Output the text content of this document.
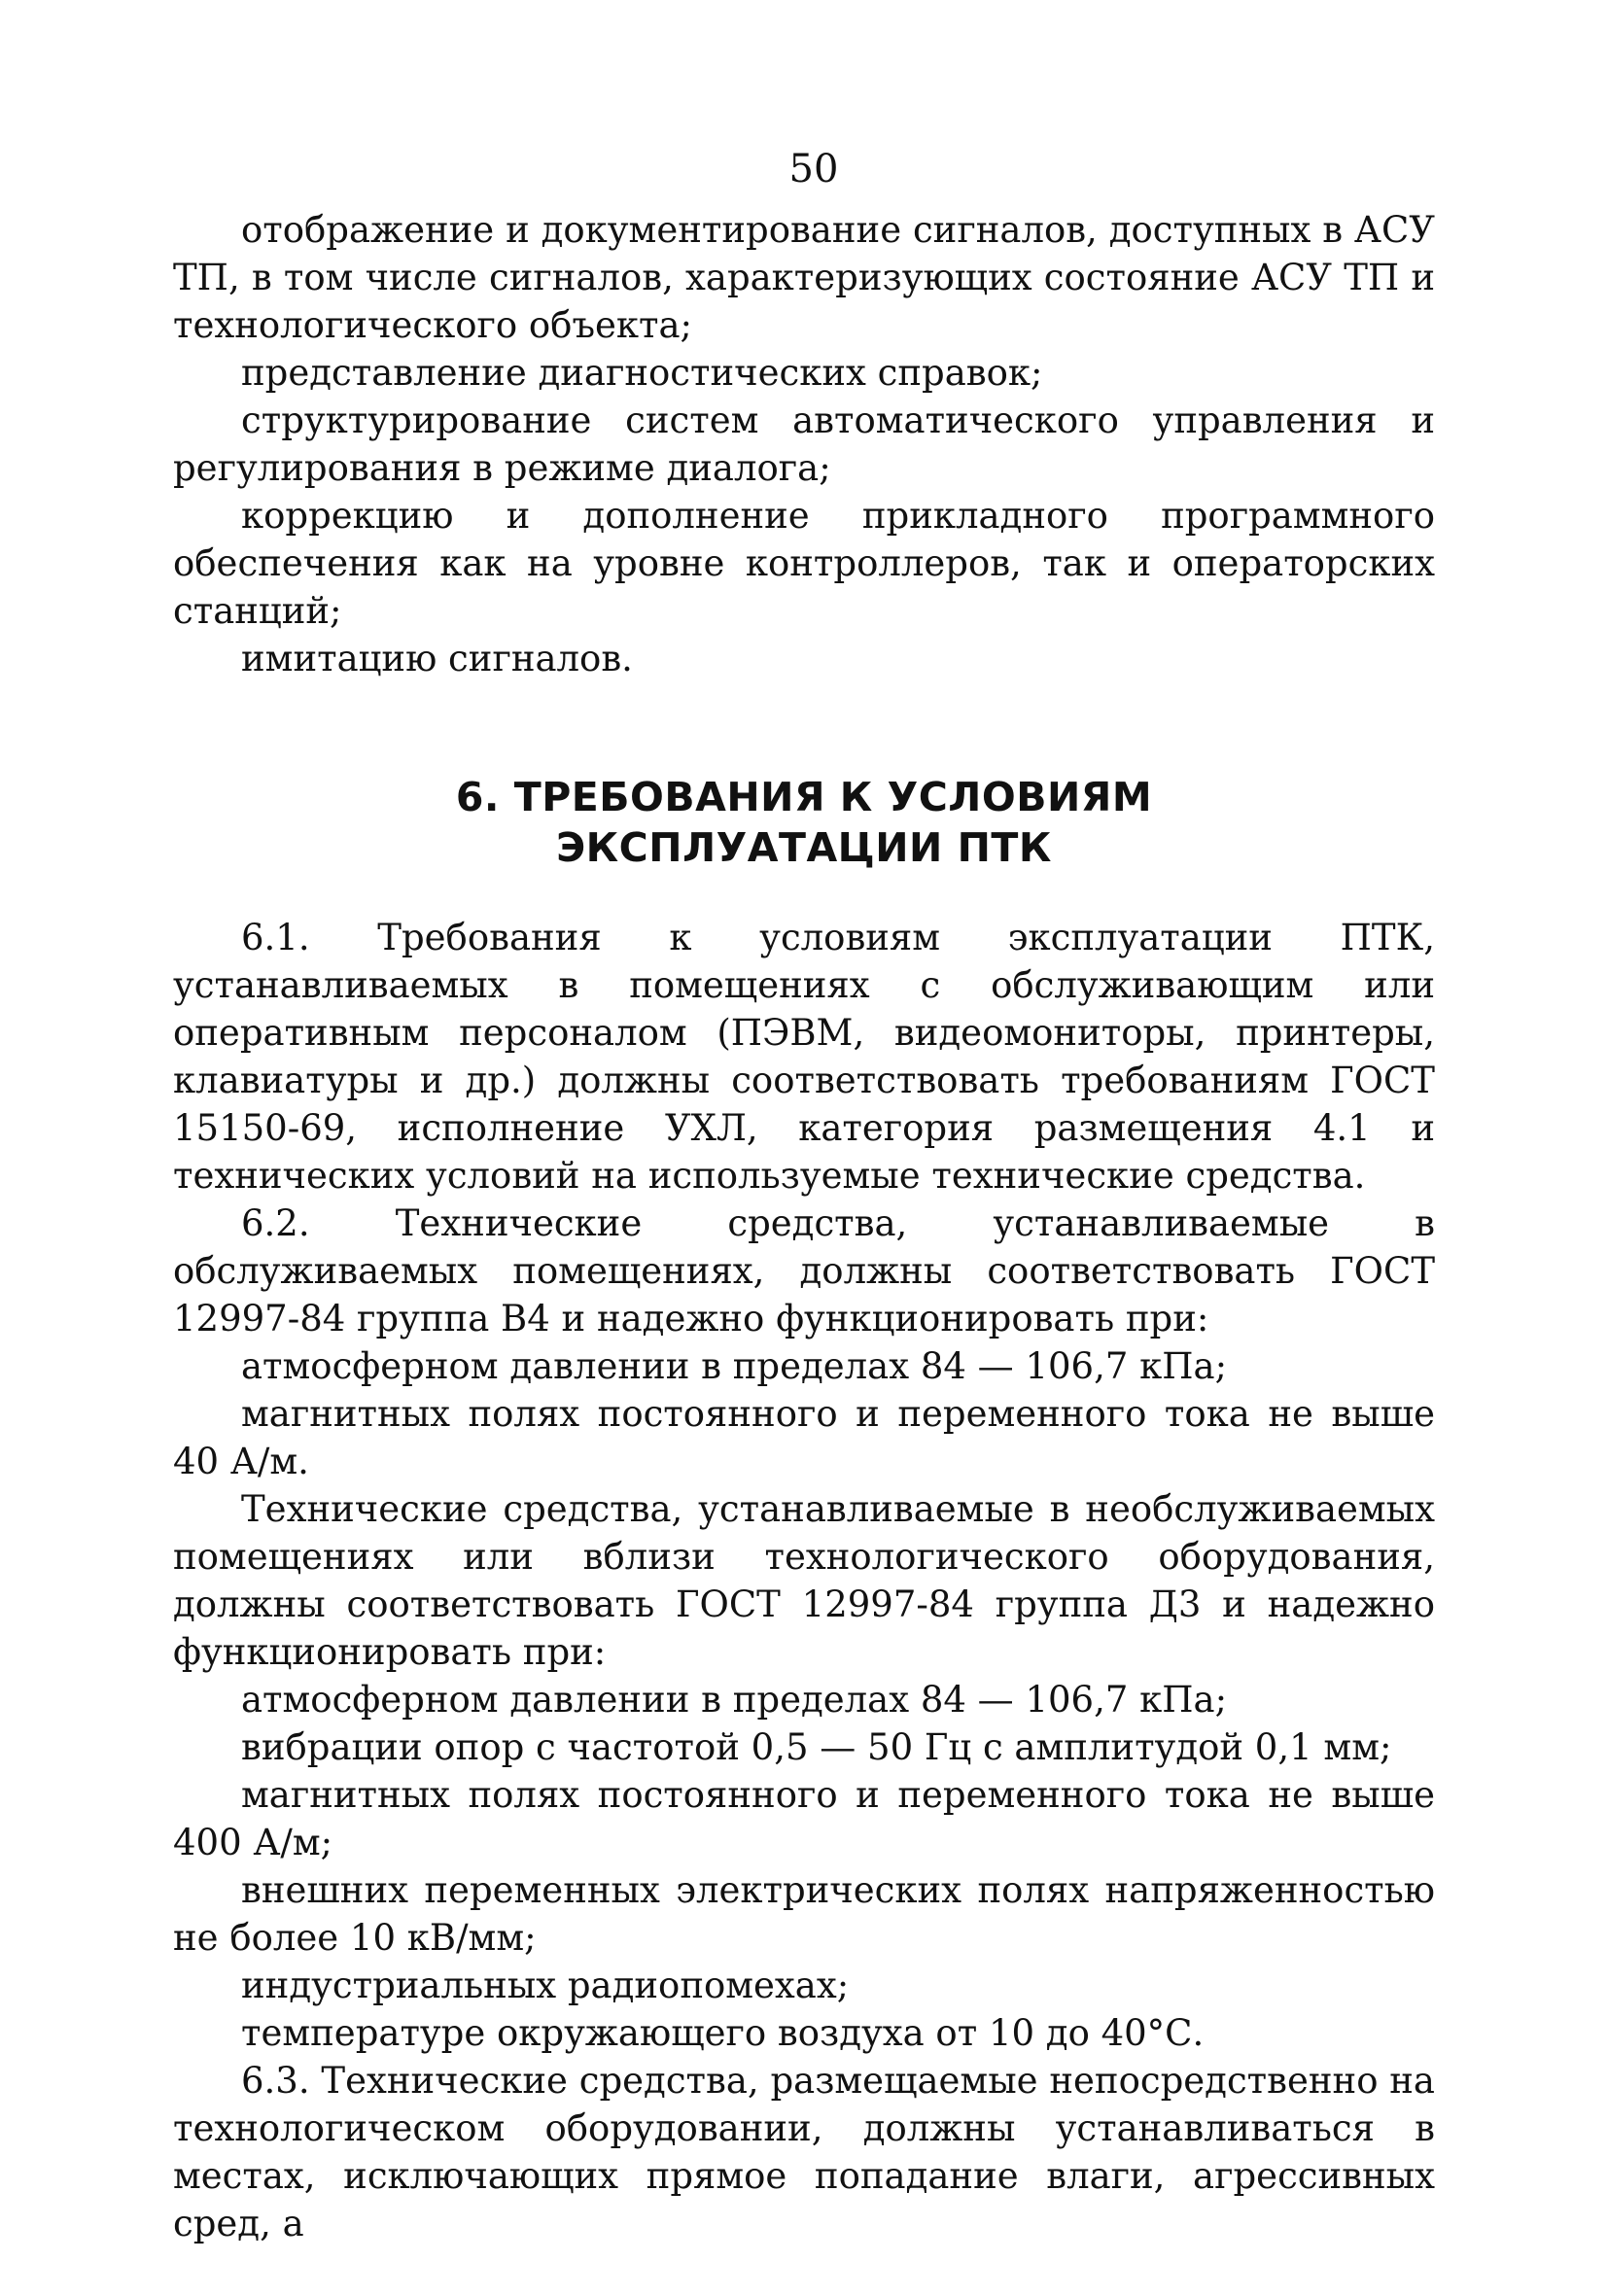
50

отображение и документирование сигналов, доступных в АСУ ТП, в том числе сигналов, характеризующих состояние АСУ ТП и технологического объекта;

представление диагностических справок;

структурирование систем автоматического управления и регулирования в режиме диалога;

коррекцию и дополнение прикладного программного обеспечения как на уровне контроллеров, так и операторских станций;

имитацию сигналов.

6. ТРЕБОВАНИЯ К УСЛОВИЯМ
ЭКСПЛУАТАЦИИ ПТК

6.1. Требования к условиям эксплуатации ПТК, устанавливаемых в помещениях с обслуживающим или оперативным персоналом (ПЭВМ, видеомониторы, принтеры, клавиатуры и др.) должны соответствовать требованиям ГОСТ 15150-69, исполнение УХЛ, категория размещения 4.1 и технических условий на используемые технические средства.

6.2. Технические средства, устанавливаемые в обслуживаемых помещениях, должны соответствовать ГОСТ 12997-84 группа В4 и надежно функционировать при:

атмосферном давлении в пределах 84 — 106,7 кПа;

магнитных полях постоянного и переменного тока не выше 40 А/м.

Технические средства, устанавливаемые в необслуживаемых помещениях или вблизи технологического оборудования, должны соответствовать ГОСТ 12997-84 группа Д3 и надежно функционировать при:

атмосферном давлении в пределах 84 — 106,7 кПа;

вибрации опор с частотой 0,5 — 50 Гц с амплитудой 0,1 мм;

магнитных полях постоянного и переменного тока не выше 400 А/м;

внешних переменных электрических полях напряженностью не более 10 кВ/мм;

индустриальных радиопомехах;

температуре окружающего воздуха от 10 до 40°С.

6.3. Технические средства, размещаемые непосредственно на технологическом оборудовании, должны устанавливаться в местах, исключающих прямое попадание влаги, агрессивных сред, а
